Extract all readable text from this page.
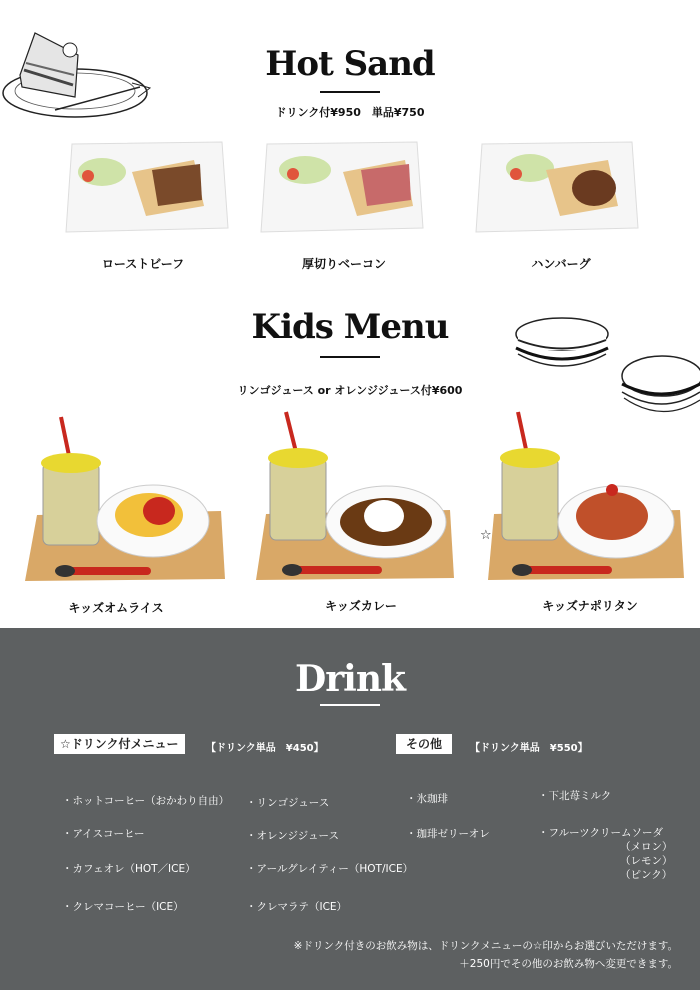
Hot Sand
ドリンク付¥950　単品¥750
ローストビーフ	厚切りベーコン	ハンバーグ
Kids Menu
リンゴジュース or オレンジジュース付¥600
☆
キッズオムライス	キッズカレー	キッズナポリタン
Drink
☆ドリンク付メニュー	【ドリンク単品　¥450】	その他	【ドリンク単品　¥550】
・ホットコーヒー（おかわり自由）
・アイスコーヒー
・カフェオレ（HOT／ICE）
・クレマコーヒー（ICE）
・リンゴジュース
・オレンジジュース
・アールグレイティー（HOT/ICE）
・クレマラテ（ICE）
・氷珈琲
・珈琲ゼリーオレ
・下北苺ミルク
・フルーツクリームソーダ
（メロン）
（レモン）
（ピンク）
※ドリンク付きのお飲み物は、ドリンクメニューの☆印からお選びいただけます。
＋250円でその他のお飲み物へ変更できます。
